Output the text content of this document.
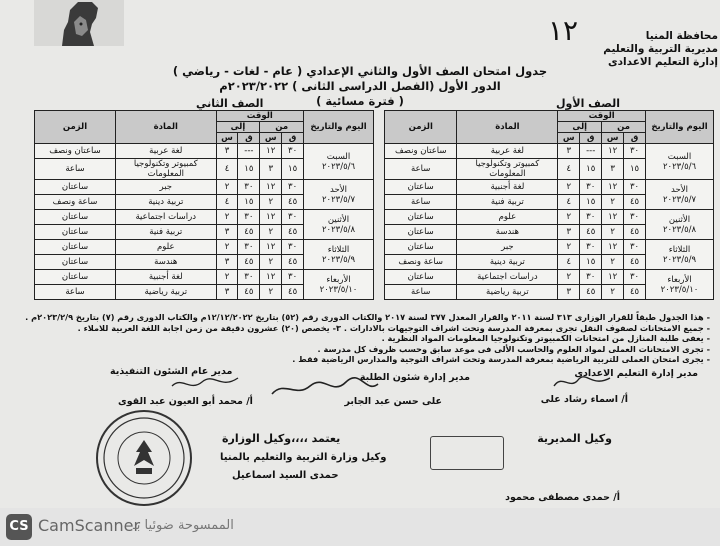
١٢	محافظة المنيا
مديرية التربية والتعليم
إدارة التعليم الاعدادى
جدول امتحان الصف الأول والثاني الإعدادي ( عام - لغات - رياضي )
الدور الأول (الفصل الدراسى الثانى ) ٢٠٢٣/٢٠٢٢م
( فترة مسائية )	الصف الأول
الصف الثاني
اليوم والتاريخ	الوقت				المادة	الزمن
	من		إلى			
	ق	س	ق	س		

السبت
٢٠٢٣/٥/٦	٣٠	١٢	---	٣	لغة عربية	ساعتان ونصف
	١٥	٣	١٥	٤	كمبيوتر وتكنولوجيا المعلومات	ساعة

الأحد
٢٠٢٣/٥/٧	٣٠	١٢	٣٠	٢	لغة أجنبية	ساعتان
	٤٥	٢	١٥	٤	تربية فنية	ساعة

الأثنين
٢٠٢٣/٥/٨	٣٠	١٢	٣٠	٢	علوم	ساعتان
	٤٥	٢	٤٥	٣	هندسة	ساعتان

الثلاثاء
٢٠٢٣/٥/٩	٣٠	١٢	٣٠	٢	جبر	ساعتان
	٤٥	٢	١٥	٤	تربية دينية	ساعة ونصف

الأربعاء
٢٠٢٣/٥/١٠	٣٠	١٢	٣٠	٢	دراسات اجتماعية	ساعتان
	٤٥	٢	٤٥	٣	تربية رياضية	ساعة
اليوم والتاريخ	الوقت				المادة	الزمن
	من		إلى			
	ق	س	ق	س		

السبت
٢٠٢٣/٥/٦	٣٠	١٢	---	٣	لغة عربية	ساعتان ونصف
	١٥	٣	١٥	٤	كمبيوتر وتكنولوجيا المعلومات	ساعة

الأحد
٢٠٢٣/٥/٧	٣٠	١٢	٣٠	٢	جبر	ساعتان
	٤٥	٢	١٥	٤	تربية دينية	ساعة ونصف

الأثنين
٢٠٢٣/٥/٨	٣٠	١٢	٣٠	٢	دراسات اجتماعية	ساعتان
	٤٥	٢	٤٥	٣	تربية فنية	ساعتان

الثلاثاء
٢٠٢٣/٥/٩	٣٠	١٢	٣٠	٢	علوم	ساعتان
	٤٥	٢	٤٥	٣	هندسة	ساعتان

الأربعاء
٢٠٢٣/٥/١٠	٣٠	١٢	٣٠	٢	لغة أجنبية	ساعتان
	٤٥	٢	٤٥	٣	تربية رياضية	ساعة
- هذا الجدول طبقاً للقرار الوزارى ٣١٣ لسنة ٢٠١١ والقرار المعدل ٣٧٧ لسنة ٢٠١٧ والكتاب الدورى رقم (٥٢) بتاريخ ١٢/١٢/٢٠٢٢م والكتاب الدورى رقم (٧) بتاريخ ٢٠٢٣/٢/٩م .
- جميع الامتحانات لصفوف النقل تجرى بمعرفة المدرسة وتحت اشراف التوجيهات بالادارات . ٣- يخصص (٢٠) عشرون دقيقة من زمن اجابة اللغة العربية للاملاء .
- يعفى طلبة المنازل من امتحانات الكمبيوتر وتكنولوجيا المعلومات المواد النظرية .
- تجرى الامتحانات العملى لمواد العلوم والحاسب الألى فى موعد سابق وحسب ظروف كل مدرسة .
- يجرى امتحان العملى للتربية الرياضية بمعرفة المدرسة وتحت اشراف التوجية والمدارس الرياضية فقط .
مدير إدارة التعليم الاعدادى
أ/ اسماء رشاد على
مدير إدارة شئون الطلبة
على حسن عبد الجابر
مدير عام الشئون التنفيذية
أ/ محمد أبو العيون عبد القوى
وكيل المديرية
أ/ حمدى مصطفى محمود
يعتمد ،،،،وكيل الوزارة
وكيل وزارة التربية والتعليم بالمنيا
حمدى السيد اسماعيل
CS CamScanner
الممسوحة ضوئيا بـ
